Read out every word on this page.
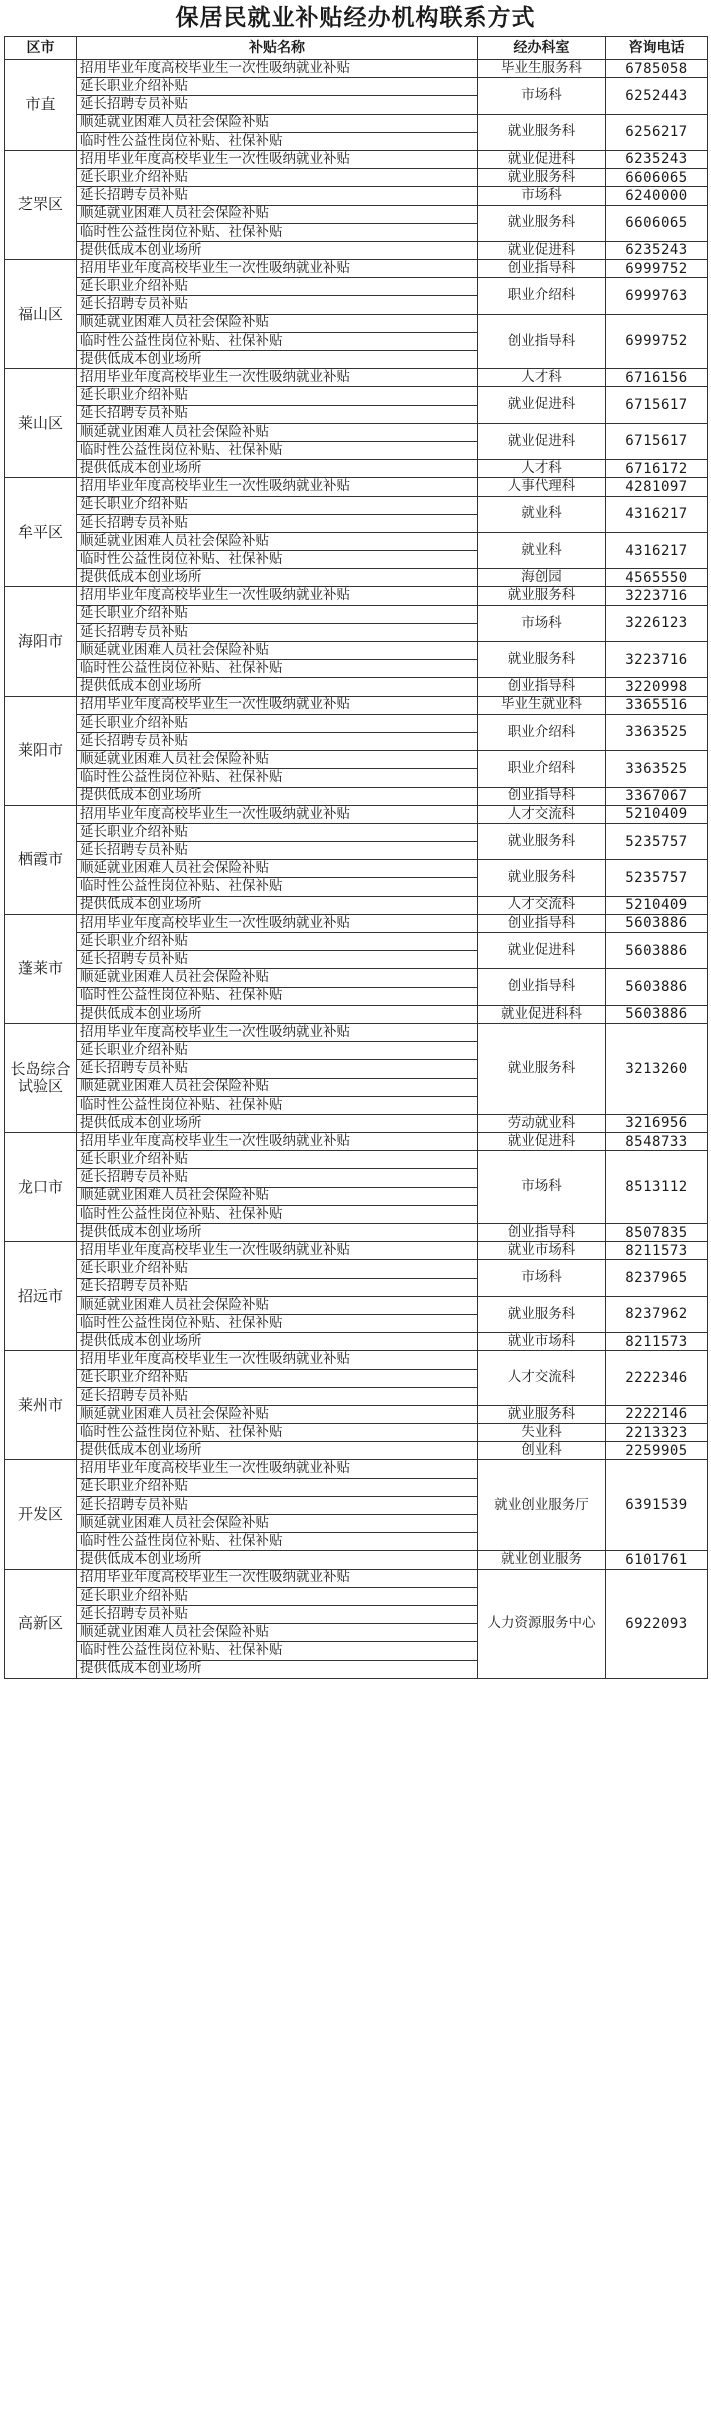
保居民就业补贴经办机构联系方式
区市	补贴名称	经办科室	咨询电话
市直	招用毕业年度高校毕业生一次性吸纳就业补贴	毕业生服务科	6785058
	延长职业介绍补贴	市场科	6252443
	延长招聘专员补贴		
	顺延就业困难人员社会保险补贴	就业服务科	6256217
	临时性公益性岗位补贴、社保补贴		
芝罘区	招用毕业年度高校毕业生一次性吸纳就业补贴	就业促进科	6235243
	延长职业介绍补贴	就业服务科	6606065
	延长招聘专员补贴	市场科	6240000
	顺延就业困难人员社会保险补贴	就业服务科	6606065
	临时性公益性岗位补贴、社保补贴		
	提供低成本创业场所	就业促进科	6235243
福山区	招用毕业年度高校毕业生一次性吸纳就业补贴	创业指导科	6999752
	延长职业介绍补贴	职业介绍科	6999763
	延长招聘专员补贴		
	顺延就业困难人员社会保险补贴	创业指导科	6999752
	临时性公益性岗位补贴、社保补贴		
	提供低成本创业场所		
莱山区	招用毕业年度高校毕业生一次性吸纳就业补贴	人才科	6716156
	延长职业介绍补贴	就业促进科	6715617
	延长招聘专员补贴		
	顺延就业困难人员社会保险补贴	就业促进科	6715617
	临时性公益性岗位补贴、社保补贴		
	提供低成本创业场所	人才科	6716172
牟平区	招用毕业年度高校毕业生一次性吸纳就业补贴	人事代理科	4281097
	延长职业介绍补贴	就业科	4316217
	延长招聘专员补贴		
	顺延就业困难人员社会保险补贴	就业科	4316217
	临时性公益性岗位补贴、社保补贴		
	提供低成本创业场所	海创园	4565550
海阳市	招用毕业年度高校毕业生一次性吸纳就业补贴	就业服务科	3223716
	延长职业介绍补贴	市场科	3226123
	延长招聘专员补贴		
	顺延就业困难人员社会保险补贴	就业服务科	3223716
	临时性公益性岗位补贴、社保补贴		
	提供低成本创业场所	创业指导科	3220998
莱阳市	招用毕业年度高校毕业生一次性吸纳就业补贴	毕业生就业科	3365516
	延长职业介绍补贴	职业介绍科	3363525
	延长招聘专员补贴		
	顺延就业困难人员社会保险补贴	职业介绍科	3363525
	临时性公益性岗位补贴、社保补贴		
	提供低成本创业场所	创业指导科	3367067
栖霞市	招用毕业年度高校毕业生一次性吸纳就业补贴	人才交流科	5210409
	延长职业介绍补贴	就业服务科	5235757
	延长招聘专员补贴		
	顺延就业困难人员社会保险补贴	就业服务科	5235757
	临时性公益性岗位补贴、社保补贴		
	提供低成本创业场所	人才交流科	5210409
蓬莱市	招用毕业年度高校毕业生一次性吸纳就业补贴	创业指导科	5603886
	延长职业介绍补贴	就业促进科	5603886
	延长招聘专员补贴		
	顺延就业困难人员社会保险补贴	创业指导科	5603886
	临时性公益性岗位补贴、社保补贴		
	提供低成本创业场所	就业促进科科	5603886
长岛综合试验区	招用毕业年度高校毕业生一次性吸纳就业补贴	就业服务科	3213260
	延长职业介绍补贴		
	延长招聘专员补贴		
	顺延就业困难人员社会保险补贴		
	临时性公益性岗位补贴、社保补贴		
	提供低成本创业场所	劳动就业科	3216956
龙口市	招用毕业年度高校毕业生一次性吸纳就业补贴	就业促进科	8548733
	延长职业介绍补贴	市场科	8513112
	延长招聘专员补贴		
	顺延就业困难人员社会保险补贴		
	临时性公益性岗位补贴、社保补贴		
	提供低成本创业场所	创业指导科	8507835
招远市	招用毕业年度高校毕业生一次性吸纳就业补贴	就业市场科	8211573
	延长职业介绍补贴	市场科	8237965
	延长招聘专员补贴		
	顺延就业困难人员社会保险补贴	就业服务科	8237962
	临时性公益性岗位补贴、社保补贴		
	提供低成本创业场所	就业市场科	8211573
莱州市	招用毕业年度高校毕业生一次性吸纳就业补贴	人才交流科	2222346
	延长职业介绍补贴		
	延长招聘专员补贴		
	顺延就业困难人员社会保险补贴	就业服务科	2222146
	临时性公益性岗位补贴、社保补贴	失业科	2213323
	提供低成本创业场所	创业科	2259905
开发区	招用毕业年度高校毕业生一次性吸纳就业补贴	就业创业服务厅	6391539
	延长职业介绍补贴		
	延长招聘专员补贴		
	顺延就业困难人员社会保险补贴		
	临时性公益性岗位补贴、社保补贴		
	提供低成本创业场所	就业创业服务	6101761
高新区	招用毕业年度高校毕业生一次性吸纳就业补贴	人力资源服务中心	6922093
	延长职业介绍补贴		
	延长招聘专员补贴		
	顺延就业困难人员社会保险补贴		
	临时性公益性岗位补贴、社保补贴		
	提供低成本创业场所		
